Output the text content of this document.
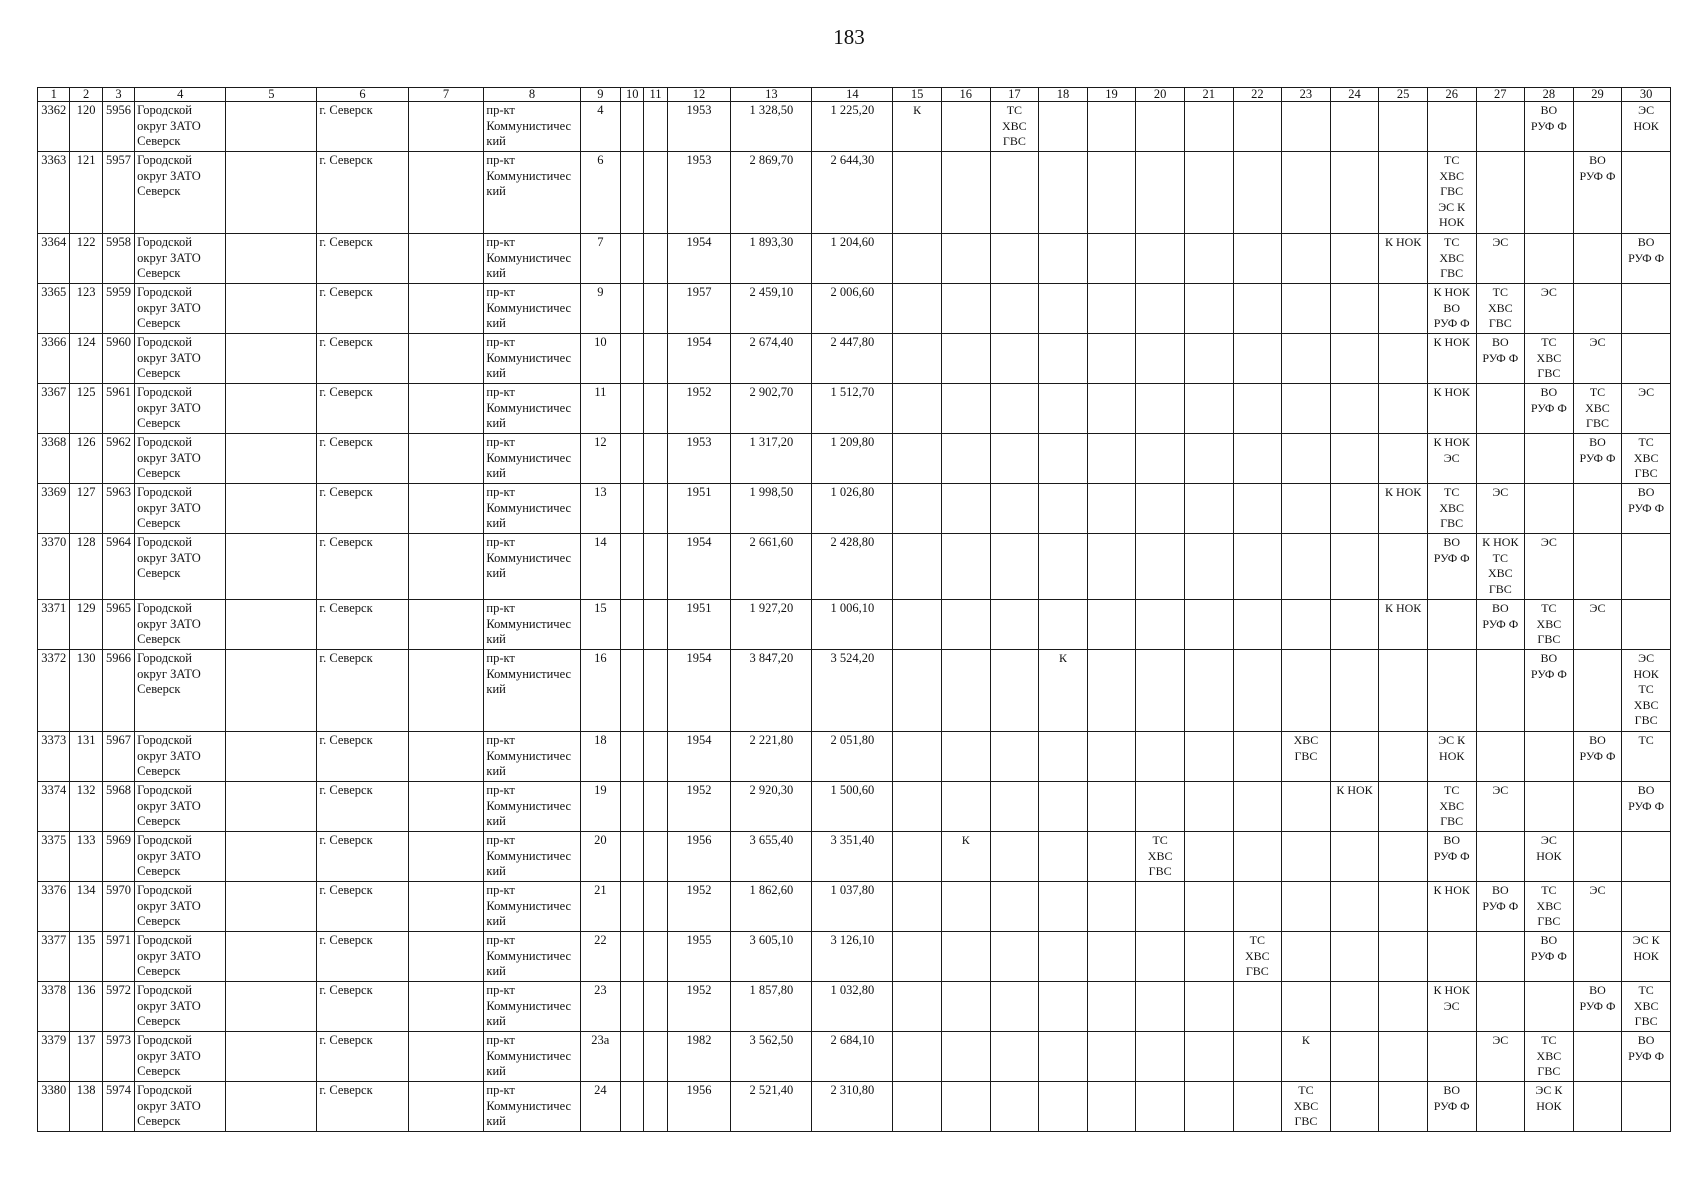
183
1	2	3	4	5	6	7	8	9	10	11	12	13	14	15	16	17	18	19	20	21	22	23	24	25	26	27	28	29	30
3362	120	5956	Городской
округ ЗАТО
Северск		г. Северск		пр-кт
Коммунистичес
кий	4			1953	1 328,50	1 225,20	К		ТС
ХВС
ГВС											ВО
РУФ Ф		ЭС
НОК
3363	121	5957	Городской
округ ЗАТО
Северск		г. Северск		пр-кт
Коммунистичес
кий	6			1953	2 869,70	2 644,30												ТС
ХВС
ГВС
ЭС К
НОК			ВО
РУФ Ф	
3364	122	5958	Городской
округ ЗАТО
Северск		г. Северск		пр-кт
Коммунистичес
кий	7			1954	1 893,30	1 204,60											К НОК	ТС
ХВС
ГВС	ЭС			ВО
РУФ Ф
3365	123	5959	Городской
округ ЗАТО
Северск		г. Северск		пр-кт
Коммунистичес
кий	9			1957	2 459,10	2 006,60												К НОК
ВО
РУФ Ф	ТС
ХВС
ГВС	ЭС		
3366	124	5960	Городской
округ ЗАТО
Северск		г. Северск		пр-кт
Коммунистичес
кий	10			1954	2 674,40	2 447,80												К НОК	ВО
РУФ Ф	ТС
ХВС
ГВС	ЭС	
3367	125	5961	Городской
округ ЗАТО
Северск		г. Северск		пр-кт
Коммунистичес
кий	11			1952	2 902,70	1 512,70												К НОК		ВО
РУФ Ф	ТС
ХВС
ГВС	ЭС
3368	126	5962	Городской
округ ЗАТО
Северск		г. Северск		пр-кт
Коммунистичес
кий	12			1953	1 317,20	1 209,80												К НОК
ЭС			ВО
РУФ Ф	ТС
ХВС
ГВС
3369	127	5963	Городской
округ ЗАТО
Северск		г. Северск		пр-кт
Коммунистичес
кий	13			1951	1 998,50	1 026,80											К НОК	ТС
ХВС
ГВС	ЭС			ВО
РУФ Ф
3370	128	5964	Городской
округ ЗАТО
Северск		г. Северск		пр-кт
Коммунистичес
кий	14			1954	2 661,60	2 428,80												ВО
РУФ Ф	К НОК
ТС
ХВС
ГВС	ЭС		
3371	129	5965	Городской
округ ЗАТО
Северск		г. Северск		пр-кт
Коммунистичес
кий	15			1951	1 927,20	1 006,10											К НОК		ВО
РУФ Ф	ТС
ХВС
ГВС	ЭС	
3372	130	5966	Городской
округ ЗАТО
Северск		г. Северск		пр-кт
Коммунистичес
кий	16			1954	3 847,20	3 524,20				К										ВО
РУФ Ф		ЭС
НОК
ТС
ХВС
ГВС
3373	131	5967	Городской
округ ЗАТО
Северск		г. Северск		пр-кт
Коммунистичес
кий	18			1954	2 221,80	2 051,80									ХВС
ГВС			ЭС К
НОК			ВО
РУФ Ф	ТС
3374	132	5968	Городской
округ ЗАТО
Северск		г. Северск		пр-кт
Коммунистичес
кий	19			1952	2 920,30	1 500,60										К НОК		ТС
ХВС
ГВС	ЭС			ВО
РУФ Ф
3375	133	5969	Городской
округ ЗАТО
Северск		г. Северск		пр-кт
Коммунистичес
кий	20			1956	3 655,40	3 351,40		К				ТС
ХВС
ГВС						ВО
РУФ Ф		ЭС
НОК		
3376	134	5970	Городской
округ ЗАТО
Северск		г. Северск		пр-кт
Коммунистичес
кий	21			1952	1 862,60	1 037,80												К НОК	ВО
РУФ Ф	ТС
ХВС
ГВС	ЭС	
3377	135	5971	Городской
округ ЗАТО
Северск		г. Северск		пр-кт
Коммунистичес
кий	22			1955	3 605,10	3 126,10								ТС
ХВС
ГВС						ВО
РУФ Ф		ЭС К
НОК
3378	136	5972	Городской
округ ЗАТО
Северск		г. Северск		пр-кт
Коммунистичес
кий	23			1952	1 857,80	1 032,80												К НОК
ЭС			ВО
РУФ Ф	ТС
ХВС
ГВС
3379	137	5973	Городской
округ ЗАТО
Северск		г. Северск		пр-кт
Коммунистичес
кий	23а			1982	3 562,50	2 684,10									К				ЭС	ТС
ХВС
ГВС		ВО
РУФ Ф
3380	138	5974	Городской
округ ЗАТО
Северск		г. Северск		пр-кт
Коммунистичес
кий	24			1956	2 521,40	2 310,80									ТС
ХВС
ГВС			ВО
РУФ Ф		ЭС К
НОК		
